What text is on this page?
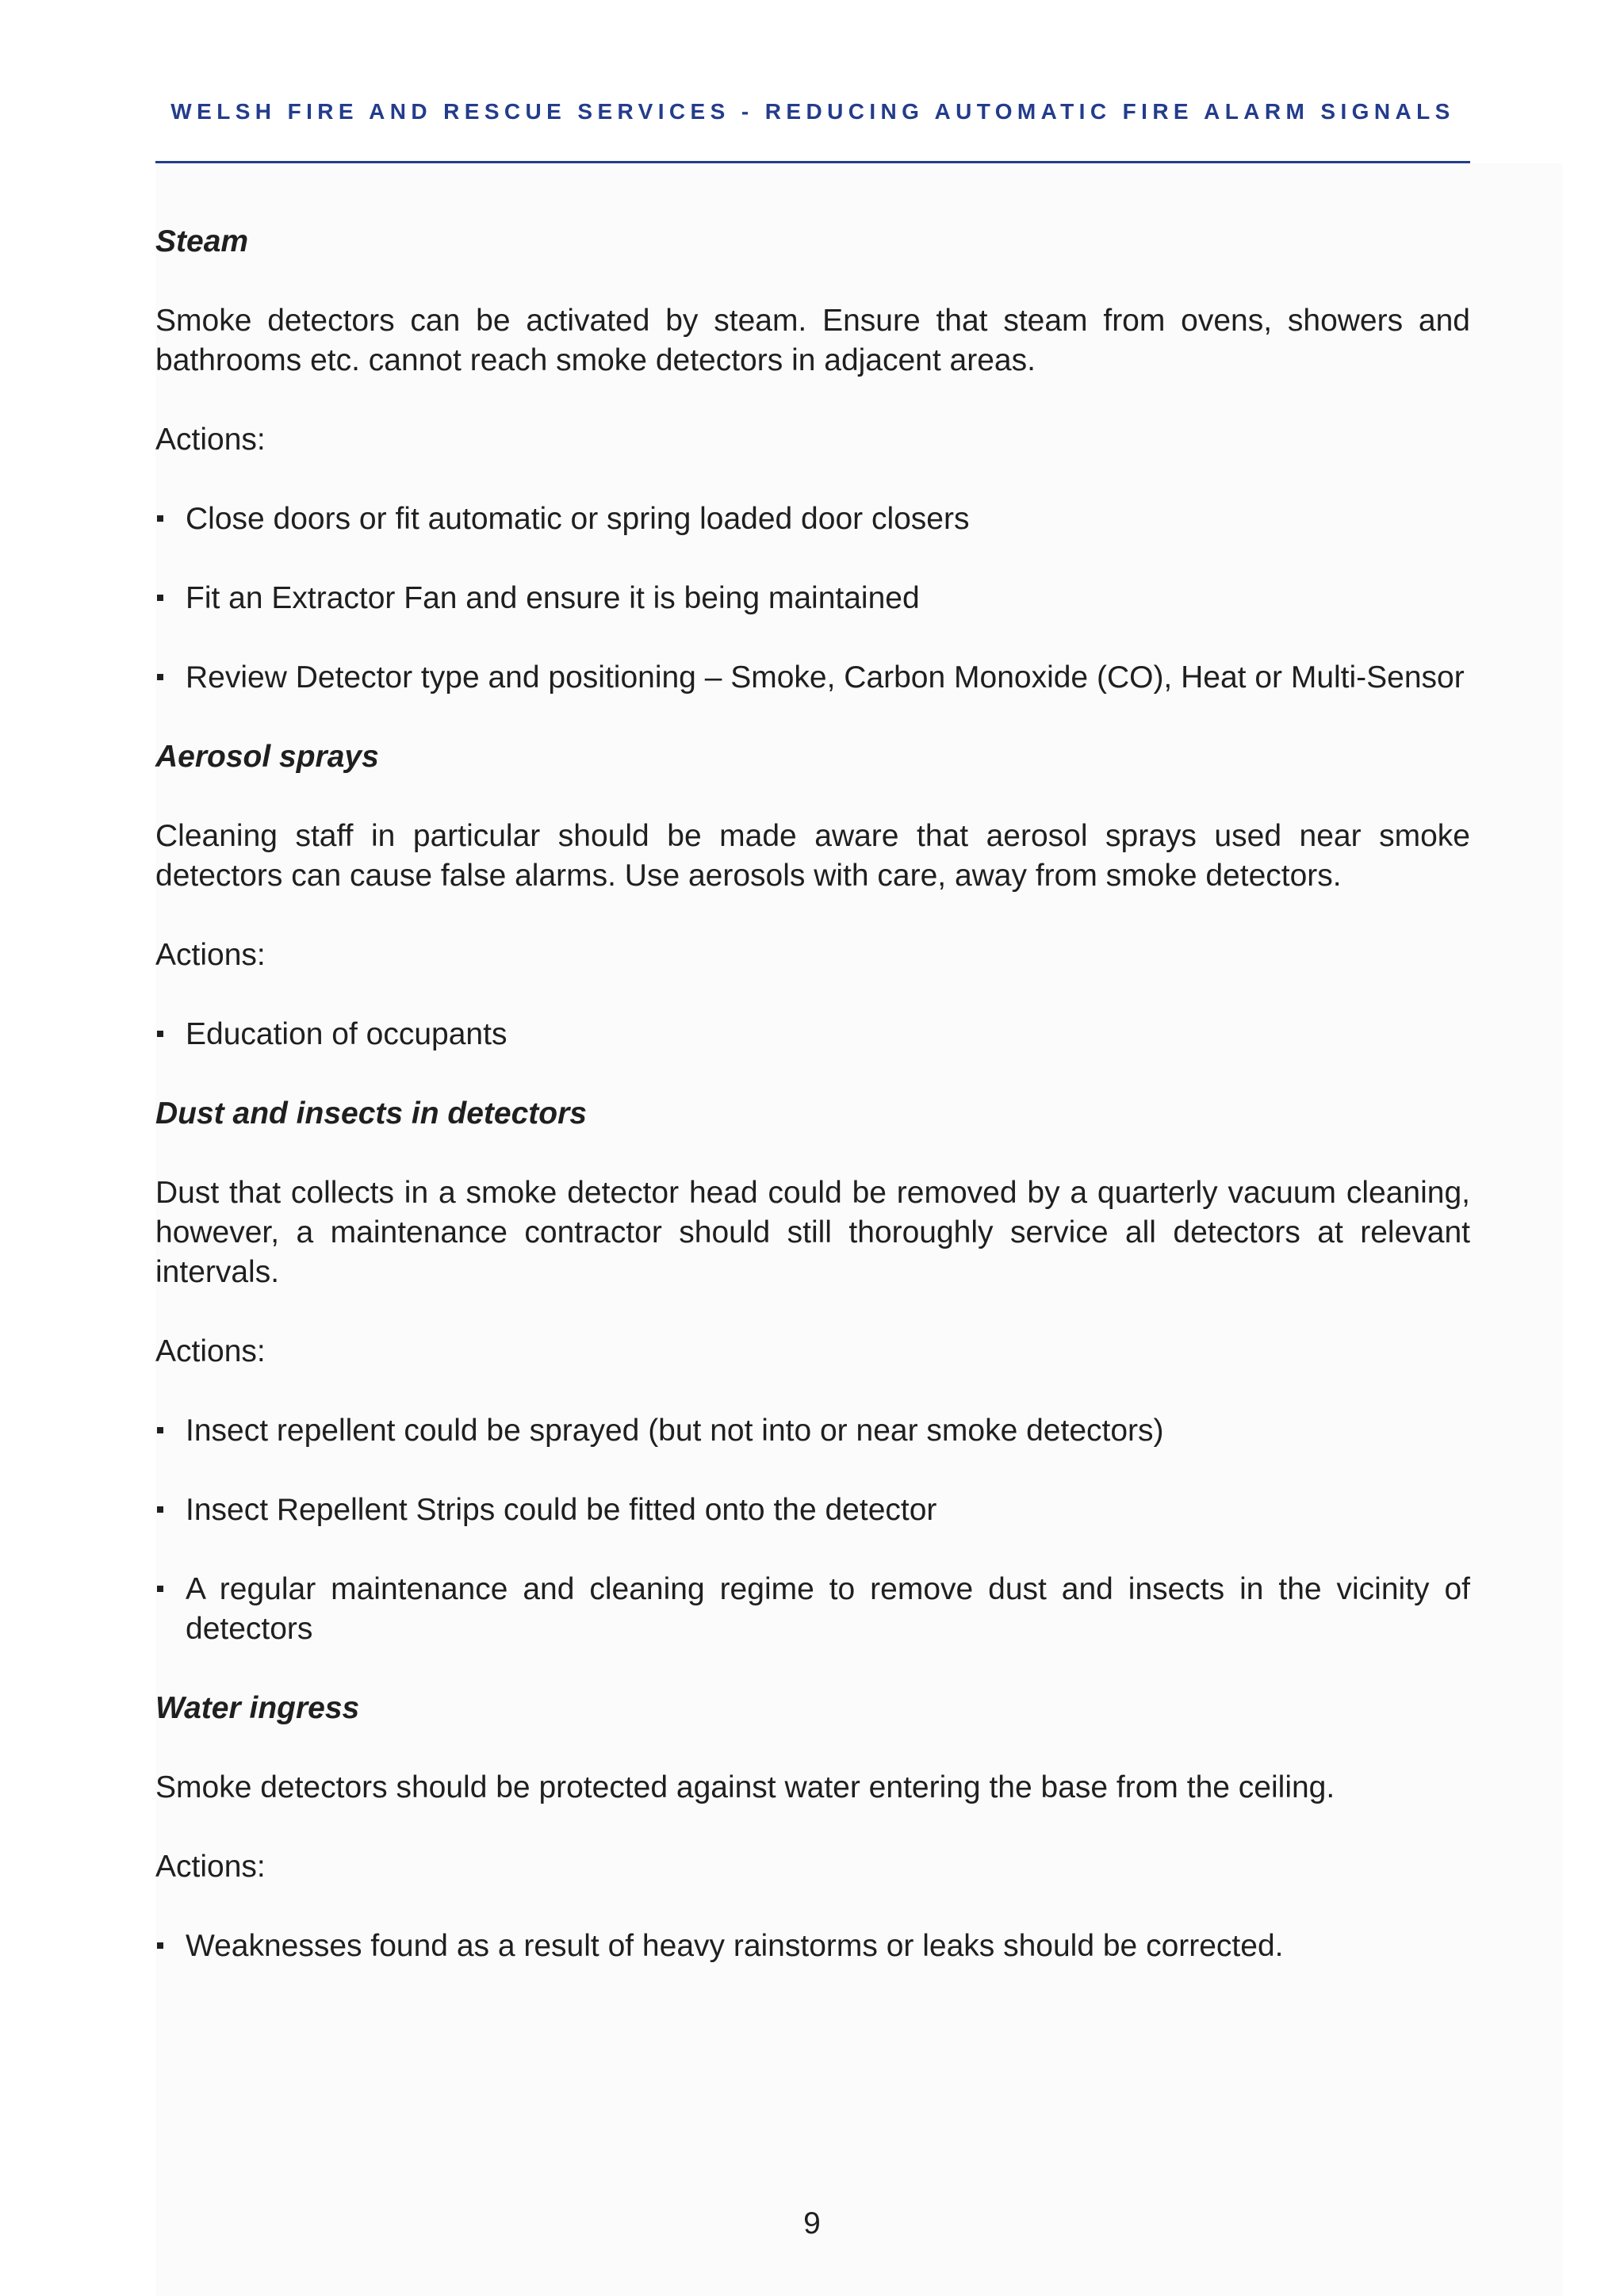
WELSH FIRE AND RESCUE SERVICES - REDUCING AUTOMATIC FIRE ALARM SIGNALS

Steam

Smoke detectors can be activated by steam. Ensure that steam from ovens, showers and bathrooms etc. cannot reach smoke detectors in adjacent areas.

Actions:

Close doors or fit automatic or spring loaded door closers
Fit an Extractor Fan and ensure it is being maintained
Review Detector type and positioning – Smoke, Carbon Monoxide (CO), Heat or Multi-Sensor

Aerosol sprays

Cleaning staff in particular should be made aware that aerosol sprays used near smoke detectors can cause false alarms. Use aerosols with care, away from smoke detectors.

Actions:

Education of occupants

Dust and insects in detectors

Dust that collects in a smoke detector head could be removed by a quarterly vacuum cleaning, however, a maintenance contractor should still thoroughly service all detectors at relevant intervals.

Actions:

Insect repellent could be sprayed (but not into or near smoke detectors)
Insect Repellent Strips could be fitted onto the detector
A regular maintenance and cleaning regime to remove dust and insects in the vicinity of detectors

Water ingress

Smoke detectors should be protected against water entering the base from the ceiling.

Actions:

Weaknesses found as a result of heavy rainstorms or leaks should be corrected.
9
